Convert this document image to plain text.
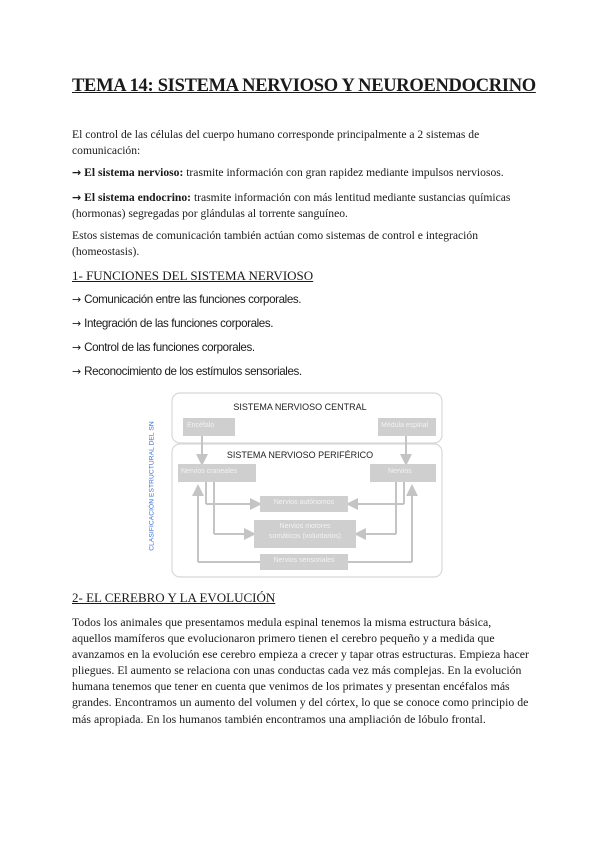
TEMA 14: SISTEMA NERVIOSO Y NEUROENDOCRINO

El control de las células del cuerpo humano corresponde principalmente a 2 sistemas de comunicación:

→ El sistema nervioso: trasmite información con gran rapidez mediante impulsos nerviosos.

→ El sistema endocrino: trasmite información con más lentitud mediante sustancias químicas (hormonas) segregadas por glándulas al torrente sanguíneo.

Estos sistemas de comunicación también actúan como sistemas de control e integración (homeostasis).

1- FUNCIONES DEL SISTEMA NERVIOSO

→ Comunicación entre las funciones corporales.

→ Integración de las funciones corporales.

→ Control de las funciones corporales.

→ Reconocimiento de los estímulos sensoriales.

CLASIFICACIÓN ESTRUCTURAL DEL SN
SISTEMA NERVIOSO CENTRAL
Encéfalo	Médula espinal
SISTEMA NERVIOSO PERIFÉRICO
Nervios craneales	Nervios
Nervios autónomos
Nervios motores
somáticos (voluntarios)
Nervios sensoriales
2- EL CEREBRO Y LA EVOLUCIÓN

Todos los animales que presentamos medula espinal tenemos la misma estructura básica, aquellos mamíferos que evolucionaron primero tienen el cerebro pequeño y a medida que avanzamos en la evolución ese cerebro empieza a crecer y tapar otras estructuras. Empieza hacer pliegues. El aumento se relaciona con unas conductas cada vez más complejas. En la evolución humana tenemos que tener en cuenta que venimos de los primates y presentan encéfalos más grandes. Encontramos un aumento del volumen y del córtex, lo que se conoce como principio de más apropiada. En los humanos también encontramos una ampliación de lóbulo frontal.
